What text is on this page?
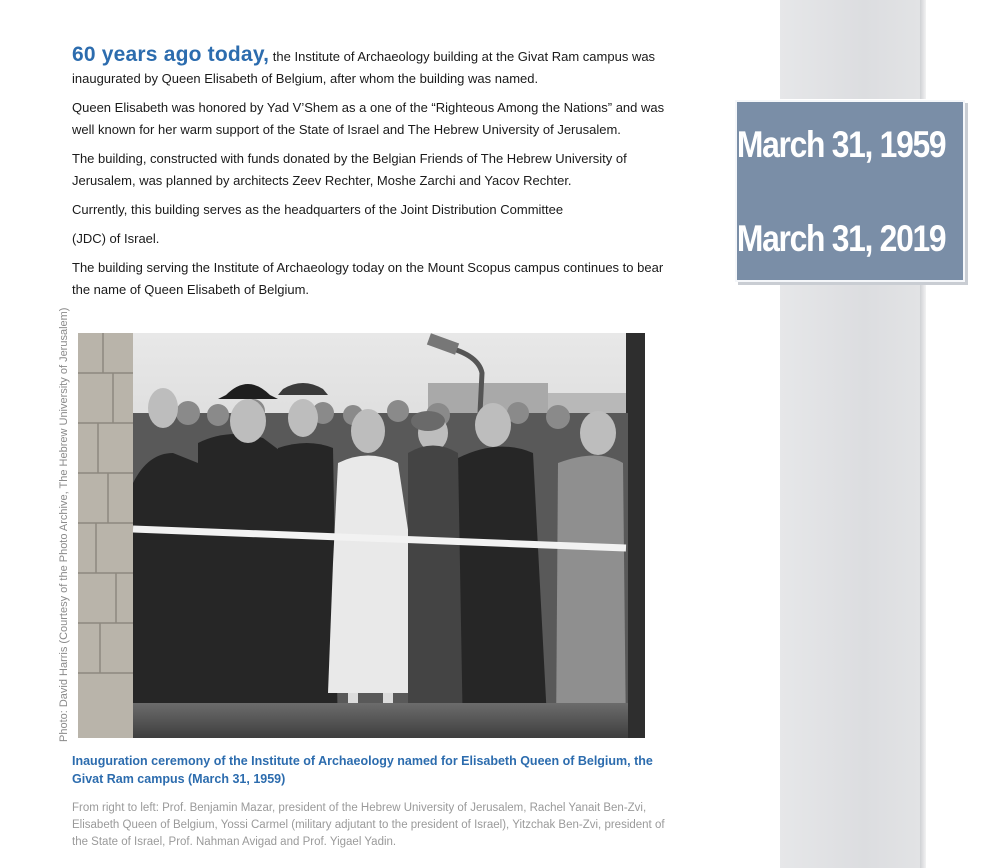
March 31, 1959
March 31, 2019

60 years ago today, the Institute of Archaeology building at the Givat Ram campus was inaugurated by Queen Elisabeth of Belgium, after whom the building was named.

Queen Elisabeth was honored by Yad V’Shem as a one of the “Righteous Among the Nations” and was well known for her warm support of the State of Israel and The Hebrew University of Jerusalem.

The building, constructed with funds donated by the Belgian Friends of The Hebrew University of Jerusalem, was planned by architects Zeev Rechter, Moshe Zarchi and Yacov Rechter.

Currently, this building serves as the headquarters of the Joint Distribution Committee

(JDC) of Israel.

The building serving the Institute of Archaeology today on the Mount Scopus campus continues to bear the name of Queen Elisabeth of Belgium.

Photo: David Harris (Courtesy of the Photo Archive, The Hebrew University of Jerusalem)
Inauguration ceremony of the Institute of Archaeology named for Elisabeth Queen of Belgium, the Givat Ram campus (March 31, 1959)
From right to left: Prof. Benjamin Mazar, president of the Hebrew University of Jerusalem, Rachel Yanait Ben-Zvi, Elisabeth Queen of Belgium, Yossi Carmel (military adjutant to the president of Israel), Yitzchak Ben-Zvi, president of the State of Israel, Prof. Nahman Avigad and Prof. Yigael Yadin.
